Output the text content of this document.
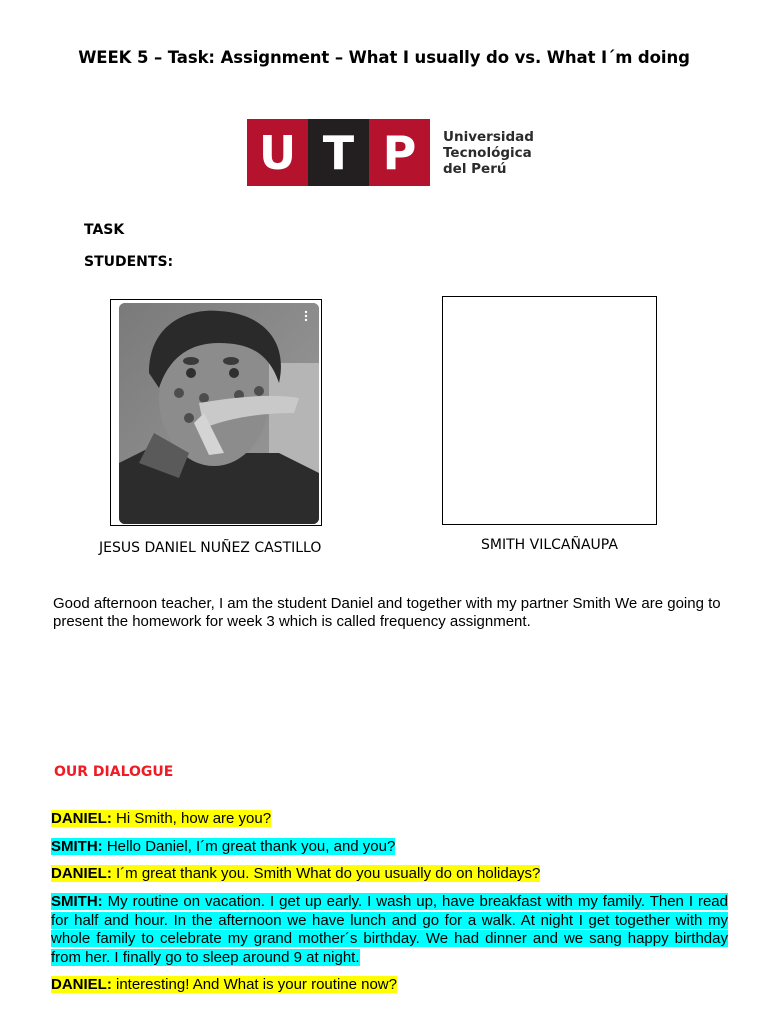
WEEK 5 – Task: Assignment – What I usually do vs. What I´m doing
U T P	Universidad
Tecnológica
del Perú
TASK
STUDENTS:
JESUS DANIEL NUÑEZ CASTILLO	SMITH VILCAÑAUPA
Good afternoon teacher, I am the student Daniel and together with my partner Smith We are going to present the homework for week 3 which is called frequency assignment.
OUR DIALOGUE
DANIEL: Hi Smith, how are you?
SMITH: Hello Daniel, I´m great thank you, and you?
DANIEL: I´m great thank you. Smith What do you usually do on holidays?
SMITH: My routine on vacation. I get up early. I wash up, have breakfast with my family. Then I read for half and hour. In the afternoon we have lunch and go for a walk. At night I get together with my whole family to celebrate my grand mother´s birthday. We had dinner and we sang happy birthday from her. I finally go to sleep around 9 at night.
DANIEL: interesting! And What is your routine now?
